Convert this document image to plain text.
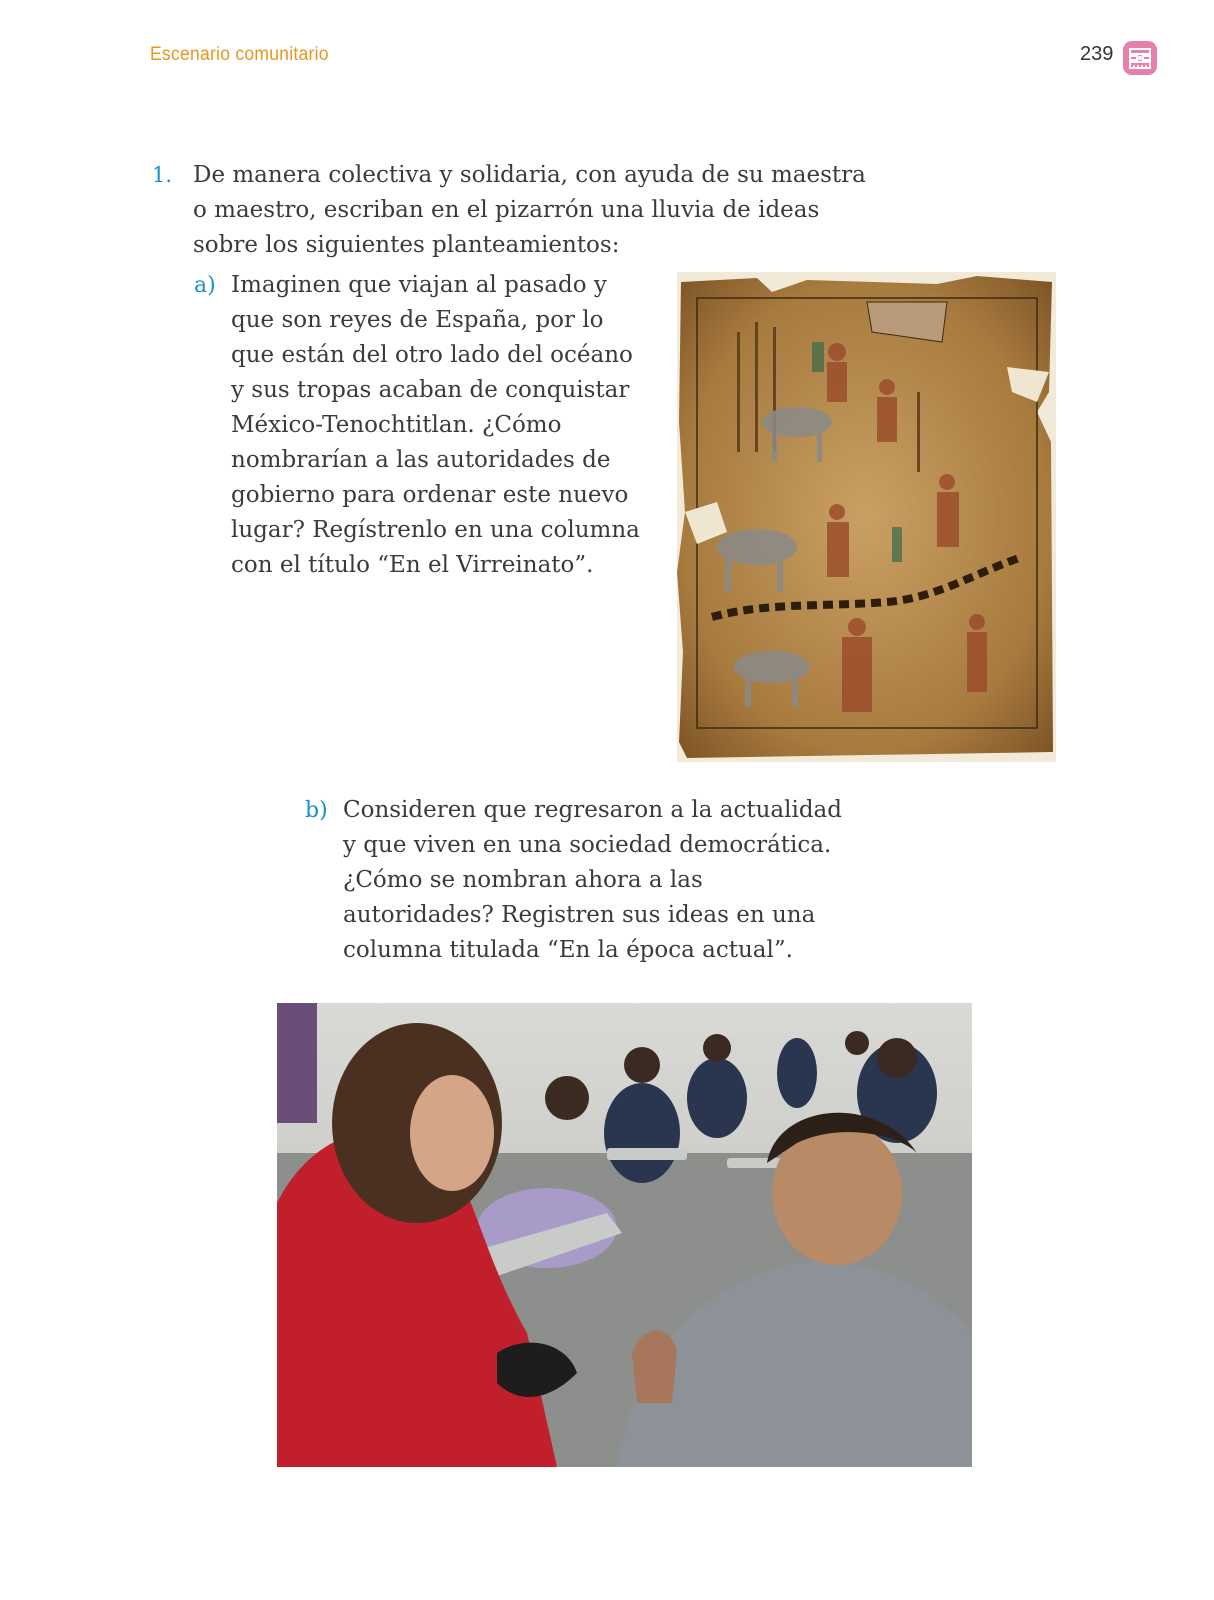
Escenario comunitario	239
1. De manera colectiva y solidaria, con ayuda de su maestra
o maestro, escriban en el pizarrón una lluvia de ideas
sobre los siguientes planteamientos:
a) Imaginen que viajan al pasado y
que son reyes de España, por lo
que están del otro lado del océano
y sus tropas acaban de conquistar
México-Tenochtitlan. ¿Cómo
nombrarían a las autoridades de
gobierno para ordenar este nuevo
lugar? Regístrenlo en una columna
con el título “En el Virreinato”.
b) Consideren que regresaron a la actualidad
y que viven en una sociedad democrática.
¿Cómo se nombran ahora a las
autoridades? Registren sus ideas en una
columna titulada “En la época actual”.
